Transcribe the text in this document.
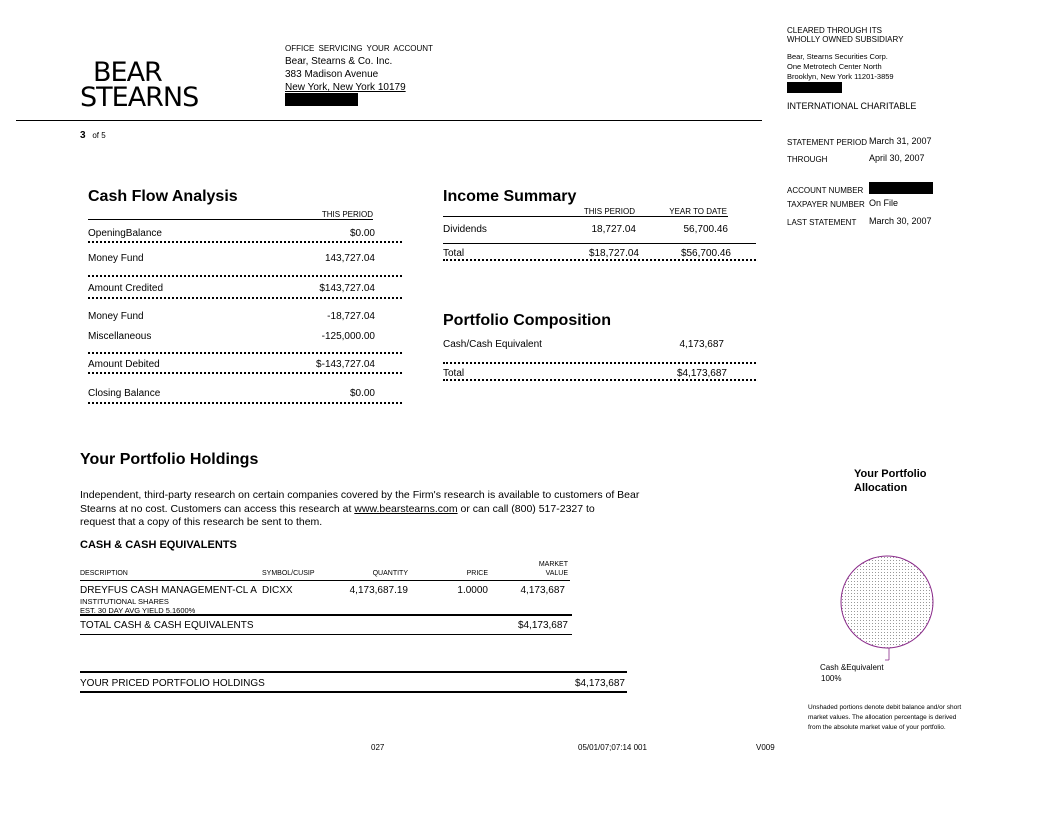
BEAR
STEARNS
OFFICE SERVICING YOUR ACCOUNT
Bear, Stearns & Co. Inc.
383 Madison Avenue
New York, New York 10179
CLEARED THROUGH ITS
WHOLLY OWNED SUBSIDIARY
Bear, Stearns Securities Corp.
One Metrotech Center North
Brooklyn, New York 11201-3859
INTERNATIONAL CHARITABLE
3 of 5
STATEMENT PERIOD March 31, 2007
THROUGH	April 30, 2007
ACCOUNT NUMBER
TAXPAYER NUMBER On File
LAST STATEMENT March 30, 2007
Cash Flow Analysis
THIS PERIOD
OpeningBalance	$0.00
Money Fund	143,727.04
Amount Credited	$143,727.04
Money Fund	-18,727.04
Miscellaneous	-125,000.00
Amount Debited	$-143,727.04
Closing Balance	$0.00
Income Summary
THIS PERIOD	YEAR TO DATE
Dividends	18,727.04	56,700.46
Total	$18,727.04	$56,700.46
Portfolio Composition
Cash/Cash Equivalent	4,173,687
Total	$4,173,687
Your Portfolio Holdings
Independent, third-party research on certain companies covered by the Firm's research is available to customers of Bear
Stearns at no cost. Customers can access this research at www.bearstearns.com or can call (800) 517-2327 to
request that a copy of this research be sent to them.
CASH & CASH EQUIVALENTS
MARKET
DESCRIPTION	SYMBOL/CUSIP	QUANTITY	PRICE	VALUE
DREYFUS CASH MANAGEMENT-CL A DICXX	4,173,687.19	1.0000	4,173,687
INSTITUTIONAL SHARES
EST. 30 DAY AVG YIELD 5.1600%
TOTAL CASH & CASH EQUIVALENTS	$4,173,687
YOUR PRICED PORTFOLIO HOLDINGS	$4,173,687
Your Portfolio
Allocation
Cash &Equivalent
100%
Unshaded portions denote debit balance and/or short
market values. The allocation percentage is derived
from the absolute market value of your portfolio.
027	05/01/07;07:14 001	V009
